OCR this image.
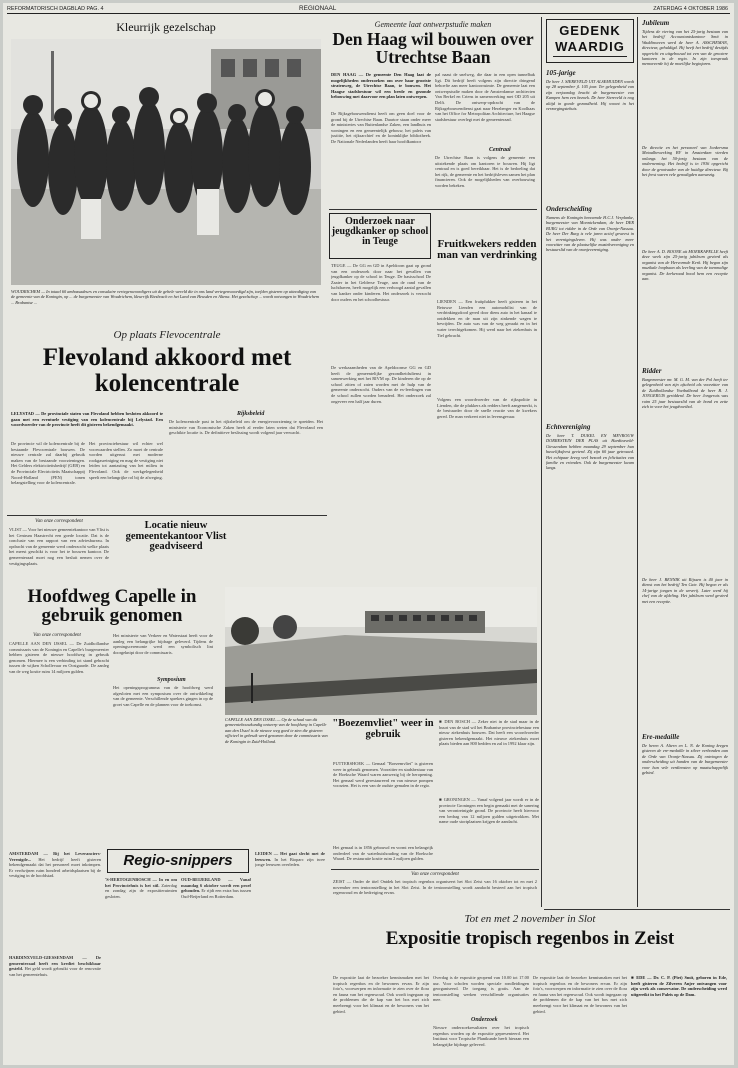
REFORMATORISCH DAGBLAD PAG. 4	REGIONAAL	ZATERDAG 4 OKTOBER 1986
Kleurrijk gezelschap
WOUDRICHEM — In totaal 60 ambassadeurs en consulaire vertegenwoordigers uit de gehele wereld die in ons land vertegenwoordigd zijn, toefden gisteren op uitnodiging van de gemeente van de Koningin, op ... de burgemeester van Woudrichem, kleurrijk Biesbosch en het Land van Heusden en Altena. Het gezelschap ... wordt ontvangen in Woudrichem ... Brabantse ...
Gemeente laat ontwerpstudie maken
Den Haag wil bouwen over Utrechtse Baan
DEN HAAG — De gemeente Den Haag laat de mogelijkheden onderzoeken om over haar grootste stratenweg, de Utrechtse Baan, te bouwen. Het Haagse stadsbestuur wil een brede en gezonde bebouwing met daarvoor een plan laten ontwerpen.
De Rijksgebouwendienst heeft om geen doel voor de grond bij de Utrechtse Baan. Daartoe staan onder meer de ministeries van Buitenlandse Zaken, een landhuis en woningen en een gemeentelijk gebouw, het paleis van justitie, het rijksarchief en de koninklijke bibliotheek. De Nationale Nederlanden heeft haar hoofdkantoor
pal naast de snelweg, die daar in een open tunnelbak ligt. Dit bedrijf heeft volgens zijn directie dringend behoefte aan meer kantoorruimte. De gemeente laat een ontwerpstudie maken door de Amsterdamse architecten Van Berkel en Criens in samenwerking met OD 205 uit Delft. De ontwerp-opdracht van de Rijksgebouwendienst gaat naar Herzberger en Koolhaas van het Office for Metropolitan Architecture, het Haagse stadsbestuur overlegt met de gemeenteraad.
Centraal
De Utrechtse Baan is volgens de gemeente een uitstekende plaats om kantoren te bouwen. Hij ligt centraal en is goed bereikbaar. Het is de bedoeling dat het rijk, de gemeente en het bedrijfsleven samen het plan financieren. Ook de mogelijkheden van overbouwing worden bekeken.
Onderzoek naar jeugdkanker op school in Teuge
TEUGE — De GG en GD in Apeldoorn gaat op grond van een onderzoek door naar het gevallen van jeugdkanker op de school in Teuge. De basisschool De Zaaier in het Gelderse Teuge, aan de rand van de luchthaven, heeft mogelijk een verhoogd aantal gevallen van kanker onder kinderen. Het onderzoek is verzocht door ouders en het schoolbestuur.
De werkzaamheden van de Apeldoornse GG en GD heeft de gemeentelijke gezondheidsdienst in samenwerking met het RIVM op. De kinderen die op de school zitten of zaten worden met de hulp van de gemeente onderzocht. Ouders van de ex-leerlingen van de school zullen worden benaderd. Het onderzoek zal ongeveer een half jaar duren.
Fruitkwekers redden man van verdrinking
LIENDEN — Een fruitplukker heeft gisteren in het Betuwse Lienden een automobilist van de verdrinkingsdood gered door diens auto in het kanaal te ontdekken en de man uit zijn zinkende wagen te bevrijden. De auto was van de weg geraakt en in het water terechtgekomen. Hij werd naar het ziekenhuis in Tiel gebracht.
Volgens een woordvoerder van de rijkspolitie in Lienden, die de plukkers als redders heeft aangemerkt, is de bestuurder door de snelle reactie van de kwekers gered. De man verkeert niet in levensgevaar.
Op plaats Flevocentrale
Flevoland akkoord met kolencentrale
LELYSTAD — De provinciale staten van Flevoland hebben besloten akkoord te gaan met een eventuele vestiging van een kolencentrale bij Lelystad. Een woordvoerder van de provincie heeft dit gisteren bekendgemaakt.
De provincie wil de kolencentrale bij de bestaande Flevocentrale bouwen. De nieuwe centrale zal daarbij gebruik maken van de bestaande voorzieningen. Het Gelders elektriciteitsbedrijf (GEB) en de Provinciale Electriciteits Maatschappij Noord-Holland (PEN) tonen belangstelling voor de kolencentrale.
Het provinciebestuur wil echter wel voorwaarden stellen. Zo moet de centrale worden uitgerust met moderne rookgasreiniging en mag de vestiging niet leiden tot aantasting van het milieu in Flevoland. Ook de werkgelegenheid speelt een belangrijke rol bij de afweging.
Rijksbeleid
De kolencentrale past in het rijksbeleid om de energievoorziening te spreiden. Het ministerie van Economische Zaken heeft al eerder laten weten dat Flevoland een geschikte locatie is. De definitieve beslissing wordt volgend jaar verwacht.
Van onze correspondent	Locatie nieuw gemeentekantoor Vlist geadviseerd
VLIST — Voor het nieuwe gemeentekantoor van Vlist is het Centrum Haastrecht een goede locatie. Dat is de conclusie van een rapport van een adviesbureau. In opdracht van de gemeente werd onderzocht welke plaats het meest geschikt is voor het te bouwen kantoor. De gemeenteraad moet nog een besluit nemen over de vestigingsplaats.
Hoofdweg Capelle in gebruik genomen
Van onze correspondent
CAPELLE AAN DEN IJSSEL — De Zuidhollandse commissaris van de Koningin en Capelle's burgemeester hebben gisteren de nieuwe hoofdweg in gebruik genomen. Hiermee is een verbinding tot stand gebracht tussen de wijken Schollevaar en Oostgaarde. De aanleg van de weg kostte ruim 14 miljoen gulden.
Het ministerie van Verkeer en Waterstaat heeft voor de aanleg een belangrijke bijdrage geleverd. Tijdens de openingsceremonie werd een symbolisch lint doorgeknipt door de commissaris.
Symposium
Het openingsprogramma van de hoofdweg werd afgesloten met een symposium over de ontwikkeling van de gemeente. Verschillende sprekers gingen in op de groei van Capelle en de plannen voor de toekomst.
CAPELLE AAN DEN IJSSEL — Op de schaal van dit gemeentebouwkundig ontwerp van de hoofdweg in Capelle aan den IJssel is de nieuwe weg goed te zien die gisteren officieel in gebruik werd genomen door de commissaris van de Koningin in Zuid-Holland.
"Boezemvliet" weer in gebruik
PUTTERSHOEK — Gemaal "Boezemvliet" is gisteren weer in gebruik genomen. Voorzitter en stadsbestuur van de Hoeksche Waard waren aanwezig bij de heropening. Het gemaal werd gerestaureerd en van nieuwe pompen voorzien. Het is een van de oudste gemalen in de regio.
Het gemaal is in 1856 gebouwd en vormt een belangrijk onderdeel van de waterhuishouding van de Hoeksche Waard. De restauratie kostte ruim 2 miljoen gulden.
■ DEN BOSCH — Zeker niet in de stad maar in de buurt van de stad wil het Brabantse provinciebestuur een nieuw ziekenhuis bouwen. Dat heeft een woordvoerder gisteren bekendgemaakt. Het nieuwe ziekenhuis moet plaats bieden aan 800 bedden en zal in 1992 klaar zijn.
■ GRONINGEN — Vanaf volgend jaar wordt er in de provincie Groningen een begin gemaakt met de sanering van verontreinigde grond. De provincie heeft hiervoor een bedrag van 12 miljoen gulden uitgetrokken. Met name oude stortplaatsen krijgen de aandacht.
Van onze correspondent
ZEIST — Onder de titel Ontdek het tropisch regenbos organiseert het Slot Zeist van 16 oktober tot en met 2 november een tentoonstelling in het Slot Zeist. In de tentoonstelling wordt aandacht besteed aan het tropisch regenwoud en de bedreiging ervan.
Regio-snippers
AMSTERDAM — Bij het Leveranciers-Verenigde... Het bedrijf heeft gisteren bekendgemaakt dat het personeel moet inkrimpen. Er verdwijnen ruim honderd arbeidsplaatsen bij de vestiging in de hoofdstad.
HARDINXVELD-GIESSENDAM — De gemeenteraad heeft een krediet beschikbaar gesteld. Het geld wordt gebruikt voor de renovatie van het gemeentehuis.
'S-HERTOGENBOSCH — In en om het Provinciehuis is het stil. Zaterdag en zondag zijn de expositieruimten gesloten.
OUD-BEIJERLAND — Vanaf maandag 6 oktober wordt een proef gehouden. Er rijdt een extra bus tussen Oud-Beijerland en Rotterdam.
LEIDEN — Het gaat slecht met de leeuwen. In het Bioparc zijn twee jonge leeuwen overleden.
Tot en met 2 november in Slot
Expositie tropisch regenbos in Zeist
De expositie laat de bezoeker kennismaken met het tropisch regenbos en de bewoners ervan. Er zijn foto's, voorwerpen en informatie te zien over de flora en fauna van het regenwoud. Ook wordt ingegaan op de problemen die de kap van het bos met zich meebrengt voor het klimaat en de bewoners van het gebied.
Overdag is de expositie geopend van 10.00 tot 17.00 uur. Voor scholen worden speciale rondleidingen georganiseerd. De toegang is gratis. Aan de tentoonstelling werken verschillende organisaties mee.
Onderzoek
Nieuwe onderzoekresultaten over het tropisch regenbos worden op de expositie gepresenteerd. Het Instituut voor Tropische Plantkunde heeft hieraan een belangrijke bijdrage geleverd.
De expositie laat de bezoeker kennismaken met het tropisch regenbos en de bewoners ervan. Er zijn foto's, voorwerpen en informatie te zien over de flora en fauna van het regenwoud. Ook wordt ingegaan op de problemen die de kap van het bos met zich meebrengt voor het klimaat en de bewoners van het gebied.
■ EDE — Dr. C. P. (Piet) Smit, geboren in Ede, heeft gisteren de Zilveren Anjer ontvangen voor zijn werk als conservator. De onderscheiding werd uitgereikt in het Paleis op de Dam.
GEDENK
WAARDIG
105-jarige
De heer J. SIEREVELD UIT ALSEMUIDEN wordt op 28 september jl. 105 jaar. Ter gelegenheid van zijn verjaardag bracht de burgemeester van Kampen hem een bezoek. De heer Siereveld is nog altijd in goede gezondheid. Hij woont in het verzorgingstehuis.
Onderscheiding
Namens de Koningin benoemde H.C.J. Verplanke, burgemeester van Monnickendam, de heer DER BURG tot ridder in de Orde van Oranje-Nassau. De heer Der Burg is vele jaren actief geweest in het verenigingsleven. Hij was onder meer voorzitter van de plaatselijke muziekvereniging en bestuurslid van de oranjevereniging.
Echtvereniging
De heer T. DUKEL EN MEVROUW DORRESTEIN DER PLAS uit Hardinxveld-Giessendam hebben maandag 29 september hun huwelijksfeest gevierd. Zij zijn 60 jaar getrouwd. Het echtpaar kreeg veel bezoek en felicitaties van familie en vrienden. Ook de burgemeester kwam langs.
Jubileum
Tijdens de viering van het 25-jarig bestaan van het bedrijf Accountantskantoor Smit in Waddinxveen werd de heer A. ASSCHEMAN, directeur, gehuldigd. Hij heeft het bedrijf destijds opgericht en uitgebouwd tot een van de grootere kantoren in de regio. In zijn toespraak memoreerde hij de moeilijke beginjaren.
De directie en het personeel van Jonkersma Metaalbewerking BV in Amsterdam vierden onlangs het 50-jarig bestaan van de onderneming. Het bedrijf is in 1936 opgericht door de grootvader van de huidige directeur. Bij het feest waren vele genodigden aanwezig.
De heer A. D. BOONE uit MOERKAPELLE heeft deze week zijn 25-jarig jubileum gevierd als organist van de Hervormde Kerk. Hij begon zijn muzikale loopbaan als leerling van de toenmalige organist. De kerkeraad bood hem een receptie aan.
Ridder
Burgemeester mr. M. G. M. van der Pol heeft ter gelegenheid van zijn afscheid als voorzitter van de Zuidhollandse Voetbalbond de heer B. J. JONGERUIS geridderd. De heer Jongeruis was ruim 25 jaar bestuurslid van de bond en zette zich in voor het jeugdvoetbal.
De heer J. BENNIK uit Rijssen is 40 jaar in dienst van het bedrijf Ten Cate. Hij begon er als 14-jarige jongen in de weverij. Later werd hij chef van de afdeling. Het jubileum werd gevierd met een receptie.
Ere-medaille
De heren A. Altern en L. N. de Koning kregen gisteren de ere-medaille in zilver verbonden aan de Orde van Oranje-Nassau. Zij ontvingen de onderscheiding uit handen van de burgemeester voor hun vele verdiensten op maatschappelijk gebied.
